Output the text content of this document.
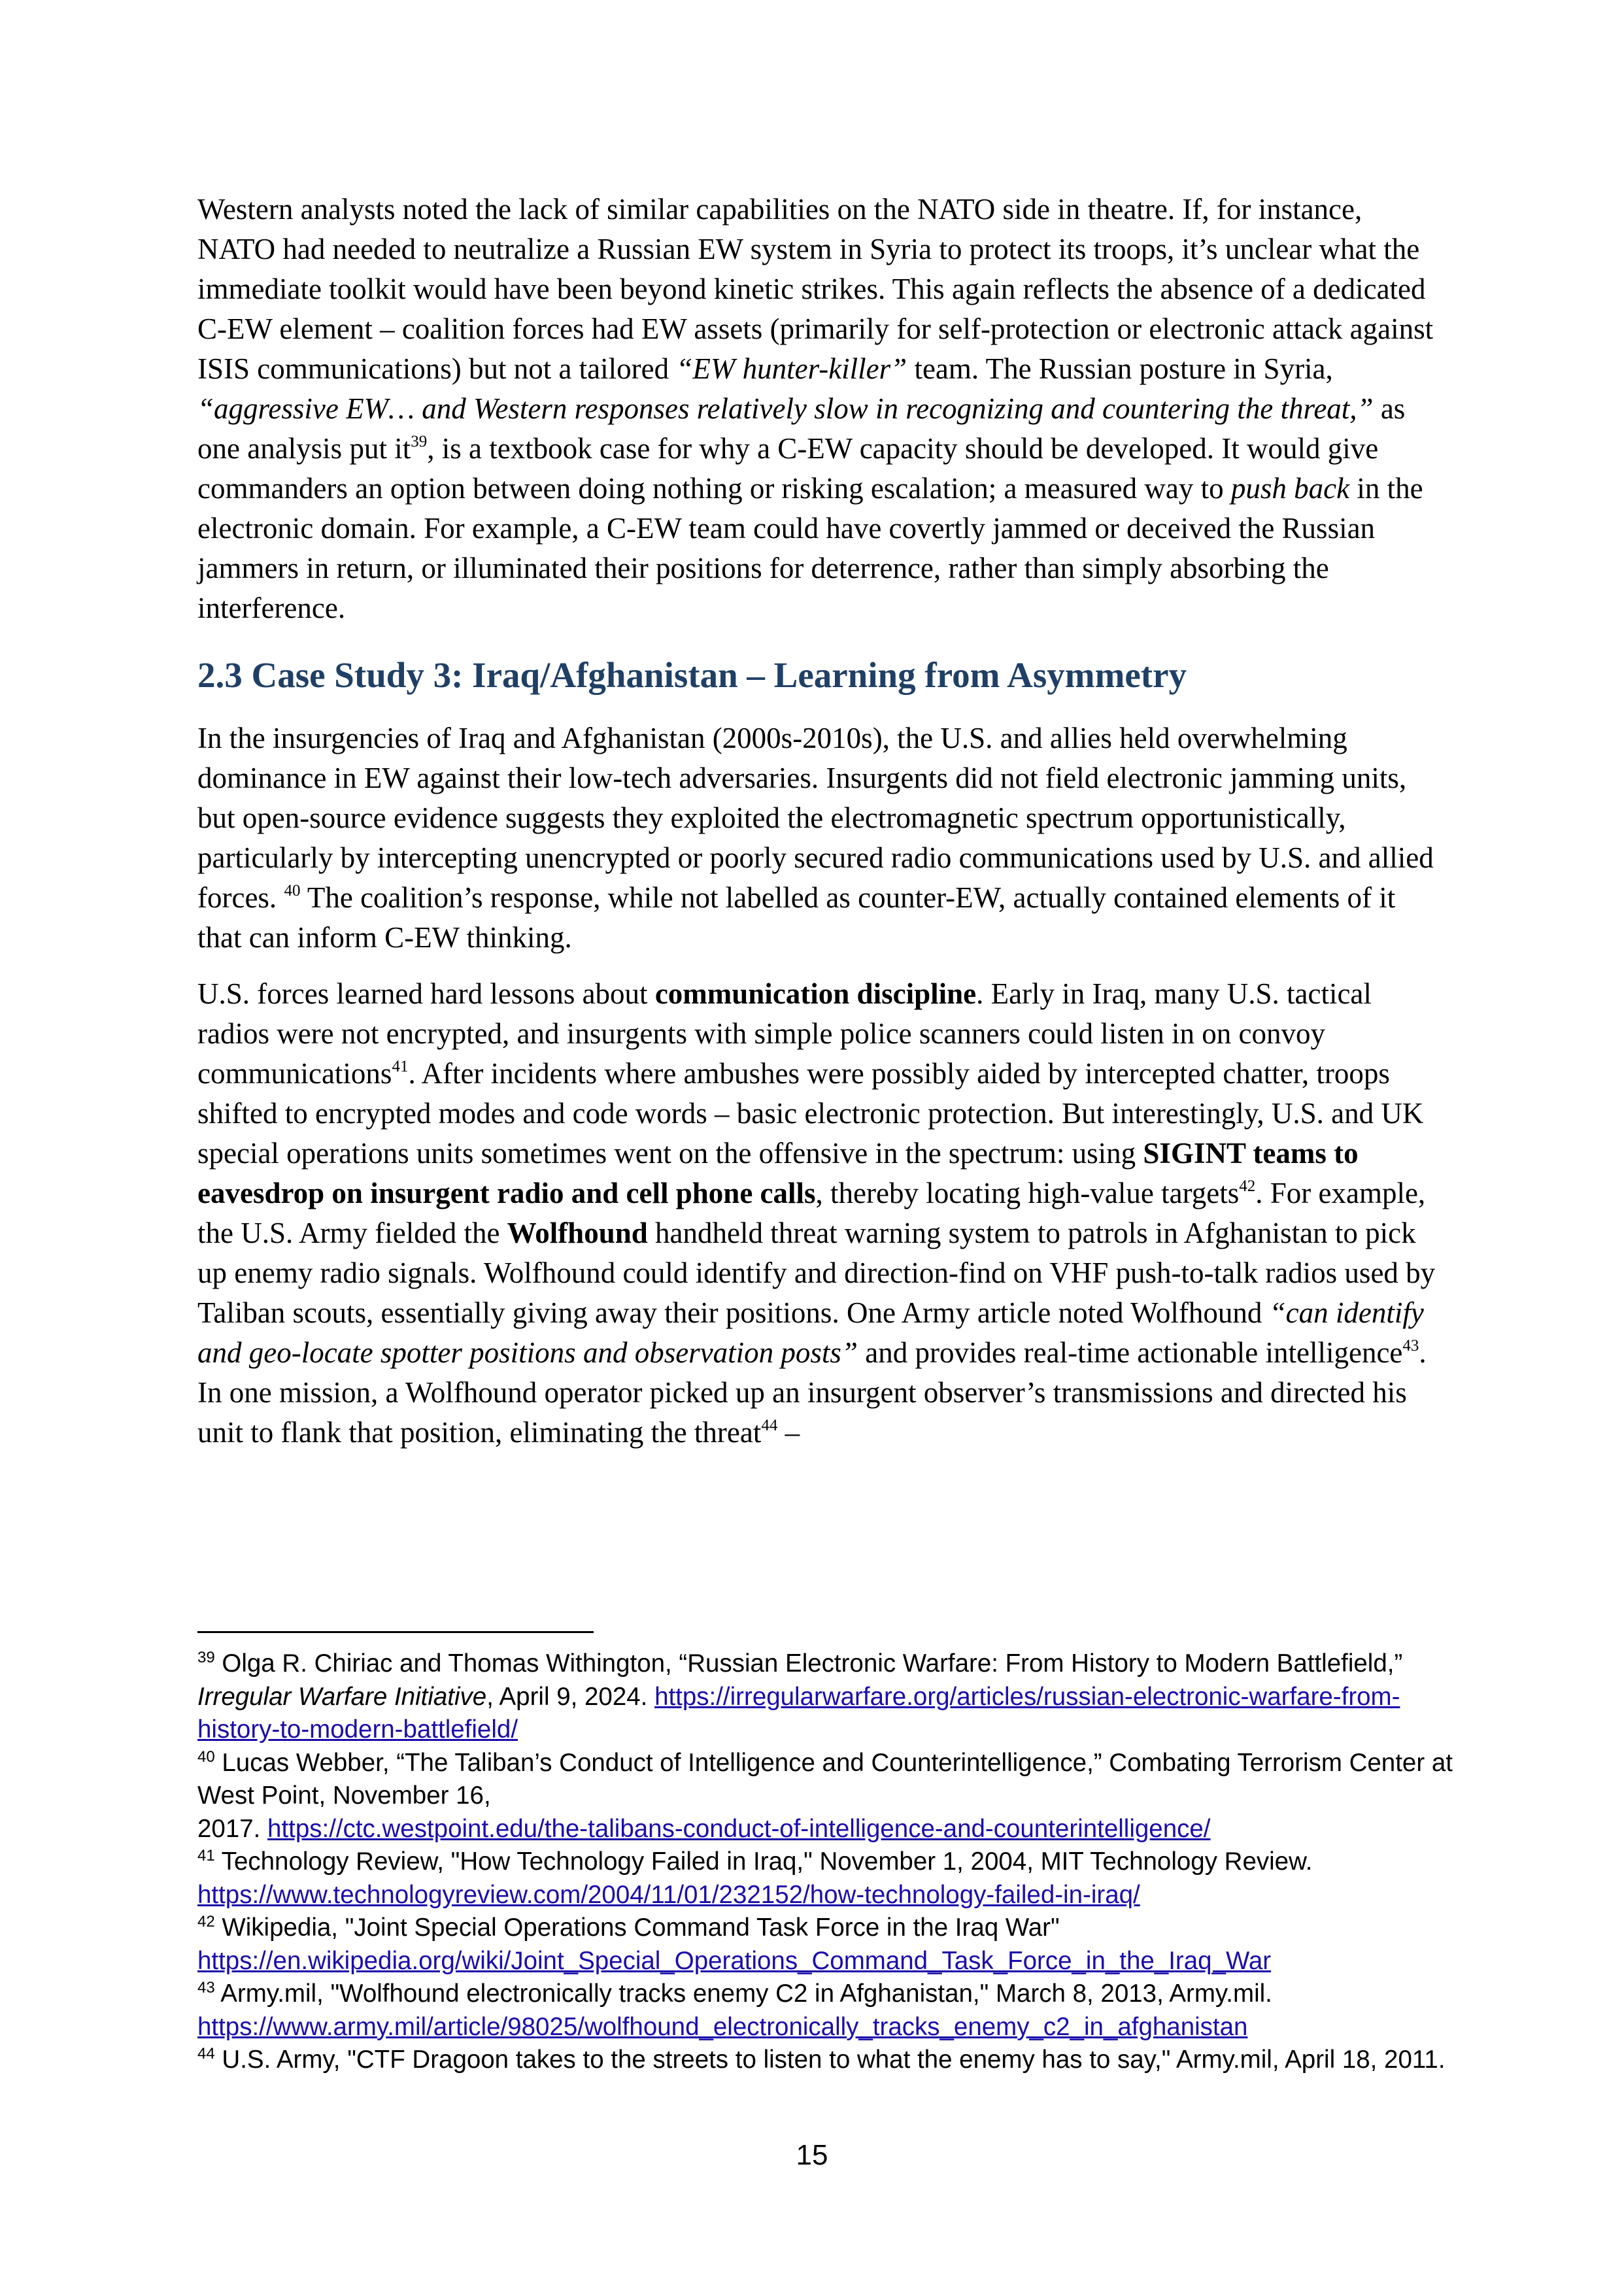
Western analysts noted the lack of similar capabilities on the NATO side in theatre. If, for instance, NATO had needed to neutralize a Russian EW system in Syria to protect its troops, it’s unclear what the immediate toolkit would have been beyond kinetic strikes. This again reflects the absence of a dedicated C-EW element – coalition forces had EW assets (primarily for self-protection or electronic attack against ISIS communications) but not a tailored “EW hunter-killer” team. The Russian posture in Syria, “aggressive EW… and Western responses relatively slow in recognizing and countering the threat,” as one analysis put $it^{39}$, is a textbook case for why a C-EW capacity should be developed. It would give commanders an option between doing nothing or risking escalation; a measured way to push back in the electronic domain. For example, a C-EW team could have covertly jammed or deceived the Russian jammers in return, or illuminated their positions for deterrence, rather than simply absorbing the interference.

2.3 Case Study 3: Iraq/Afghanistan – Learning from Asymmetry

In the insurgencies of Iraq and Afghanistan (2000s-2010s), the U.S. and allies held overwhelming dominance in EW against their low-tech adversaries. Insurgents did not field electronic jamming units, but open-source evidence suggests they exploited the electromagnetic spectrum opportunistically, particularly by intercepting unencrypted or poorly secured radio communications used by U.S. and allied forces. $^{40}$ The coalition’s response, while not labelled as counter-EW, actually contained elements of it that can inform C-EW thinking.

U.S. forces learned hard lessons about communication discipline. Early in Iraq, many U.S. tactical radios were not encrypted, and insurgents with simple police scanners could listen in on convoy communications$^{41}$. After incidents where ambushes were possibly aided by intercepted chatter, troops shifted to encrypted modes and code words – basic electronic protection. But interestingly, U.S. and UK special operations units sometimes went on the offensive in the spectrum: using SIGINT teams to eavesdrop on insurgent radio and cell phone calls, thereby locating high-value targets$^{42}$. For example, the U.S. Army fielded the Wolfhound handheld threat warning system to patrols in Afghanistan to pick up enemy radio signals. Wolfhound could identify and direction-find on VHF push-to-talk radios used by Taliban scouts, essentially giving away their positions. One Army article noted Wolfhound “can identify and geo-locate spotter positions and observation posts” and provides real-time actionable intelligence$^{43}$. In one mission, a Wolfhound operator picked up an insurgent observer’s transmissions and directed his unit to flank that position, eliminating the threat$^{44}$ –

$^{39}$ Olga R. Chiriac and Thomas Withington, “Russian Electronic Warfare: From History to Modern Battlefield,” Irregular Warfare Initiative, April 9, 2024. https://irregularwarfare.org/articles/russian-electronic-warfare-from-history-to-modern-battlefield/

$^{40}$ Lucas Webber, “The Taliban’s Conduct of Intelligence and Counterintelligence,” Combating Terrorism Center at West Point, November 16,
2017. https://ctc.westpoint.edu/the-talibans-conduct-of-intelligence-and-counterintelligence/

$^{41}$ Technology Review, "How Technology Failed in Iraq," November 1, 2004, MIT Technology Review. https://www.technologyreview.com/2004/11/01/232152/how-technology-failed-in-iraq/

$^{42}$ Wikipedia, "Joint Special Operations Command Task Force in the Iraq War" https://en.wikipedia.org/wiki/Joint_Special_Operations_Command_Task_Force_in_the_Iraq_War

$^{43}$ Army.mil, "Wolfhound electronically tracks enemy C2 in Afghanistan," March 8, 2013, Army.mil. https://www.army.mil/article/98025/wolfhound_electronically_tracks_enemy_c2_in_afghanistan

$^{44}$ U.S. Army, "CTF Dragoon takes to the streets to listen to what the enemy has to say," Army.mil, April 18, 2011.

15
